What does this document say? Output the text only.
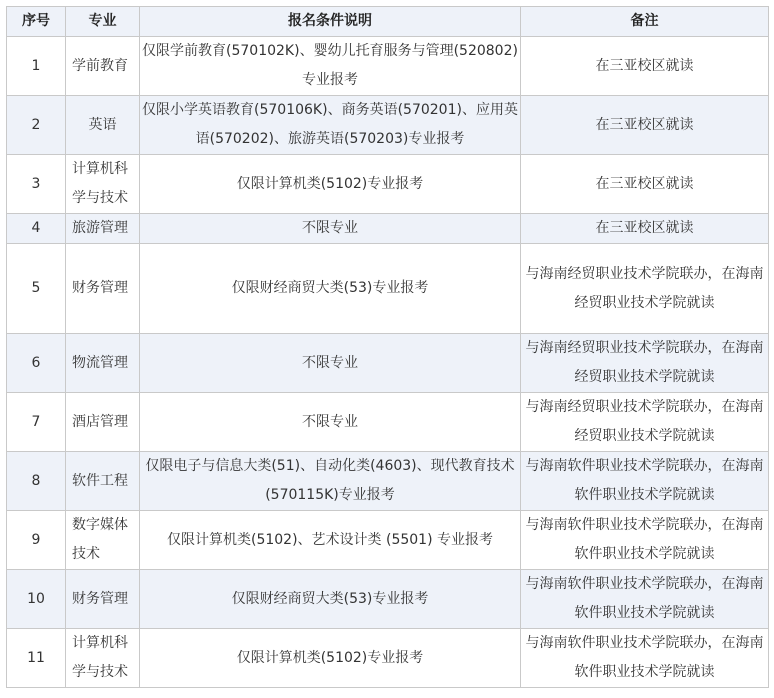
序号	专业	报名条件说明	备注
1	学前教育	仅限学前教育(570102K)、婴幼儿托育服务与管理(520802) 专业报考	在三亚校区就读
2	英语	仅限小学英语教育(570106K)、商务英语(570201)、应用英语(570202)、旅游英语(570203)专业报考	在三亚校区就读
3	计算机科学与技术	仅限计算机类(5102)专业报考	在三亚校区就读
4	旅游管理	不限专业	在三亚校区就读
5	财务管理	仅限财经商贸大类(53)专业报考	与海南经贸职业技术学院联办，在海南经贸职业技术学院就读
6	物流管理	不限专业	与海南经贸职业技术学院联办，在海南经贸职业技术学院就读
7	酒店管理	不限专业	与海南经贸职业技术学院联办，在海南经贸职业技术学院就读
8	软件工程	仅限电子与信息大类(51)、自动化类(4603)、现代教育技术(570115K)专业报考	与海南软件职业技术学院联办，在海南软件职业技术学院就读
9	数字媒体技术	仅限计算机类(5102)、艺术设计类 (5501) 专业报考	与海南软件职业技术学院联办，在海南软件职业技术学院就读
10	财务管理	仅限财经商贸大类(53)专业报考	与海南软件职业技术学院联办，在海南软件职业技术学院就读
11	计算机科学与技术	仅限计算机类(5102)专业报考	与海南软件职业技术学院联办，在海南软件职业技术学院就读
